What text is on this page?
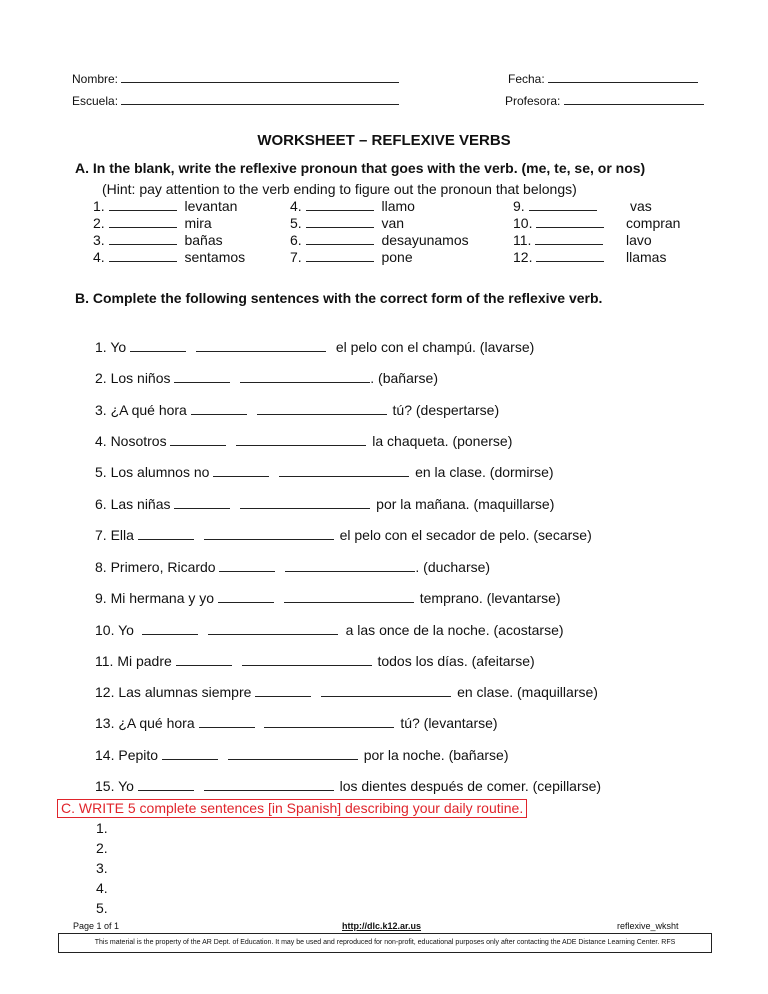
Nombre:	Fecha:
Escuela:	Profesora:
WORKSHEET – REFLEXIVE VERBS
A. In the blank, write the reflexive pronoun that goes with the verb. (me, te, se, or nos)
(Hint: pay attention to the verb ending to figure out the pronoun that belongs)
1.	levantan
2.	mira
3.	bañas
4.	sentamos
4.	llamo
5.	van
6.	desayunamos
7.	pone
9.	vas
10.	compran
11.	lavo
12.	llamas
B. Complete the following sentences with the correct form of the reflexive verb.
1. Yo	el pelo con el champú. (lavarse)
2. Los niños	. (bañarse)
3. ¿A qué hora	tú? (despertarse)
4. Nosotros	la chaqueta. (ponerse)
5. Los alumnos no	en la clase. (dormirse)
6. Las niñas	por la mañana. (maquillarse)
7. Ella	el pelo con el secador de pelo. (secarse)
8. Primero, Ricardo	. (ducharse)
9. Mi hermana y yo	temprano. (levantarse)
10. Yo	a las once de la noche. (acostarse)
11. Mi padre	todos los días. (afeitarse)
12. Las alumnas siempre	en clase. (maquillarse)
13. ¿A qué hora	tú? (levantarse)
14. Pepito	por la noche. (bañarse)
15. Yo	los dientes después de comer. (cepillarse)
C. WRITE 5 complete sentences [in Spanish] describing your daily routine.
1.
2.
3.
4.
5.
Page 1 of 1	http://dlc.k12.ar.us	reflexive_wksht
This material is the property of the AR Dept. of Education. It may be used and reproduced for non-profit, educational purposes only after contacting the ADE Distance Learning Center. RFS
